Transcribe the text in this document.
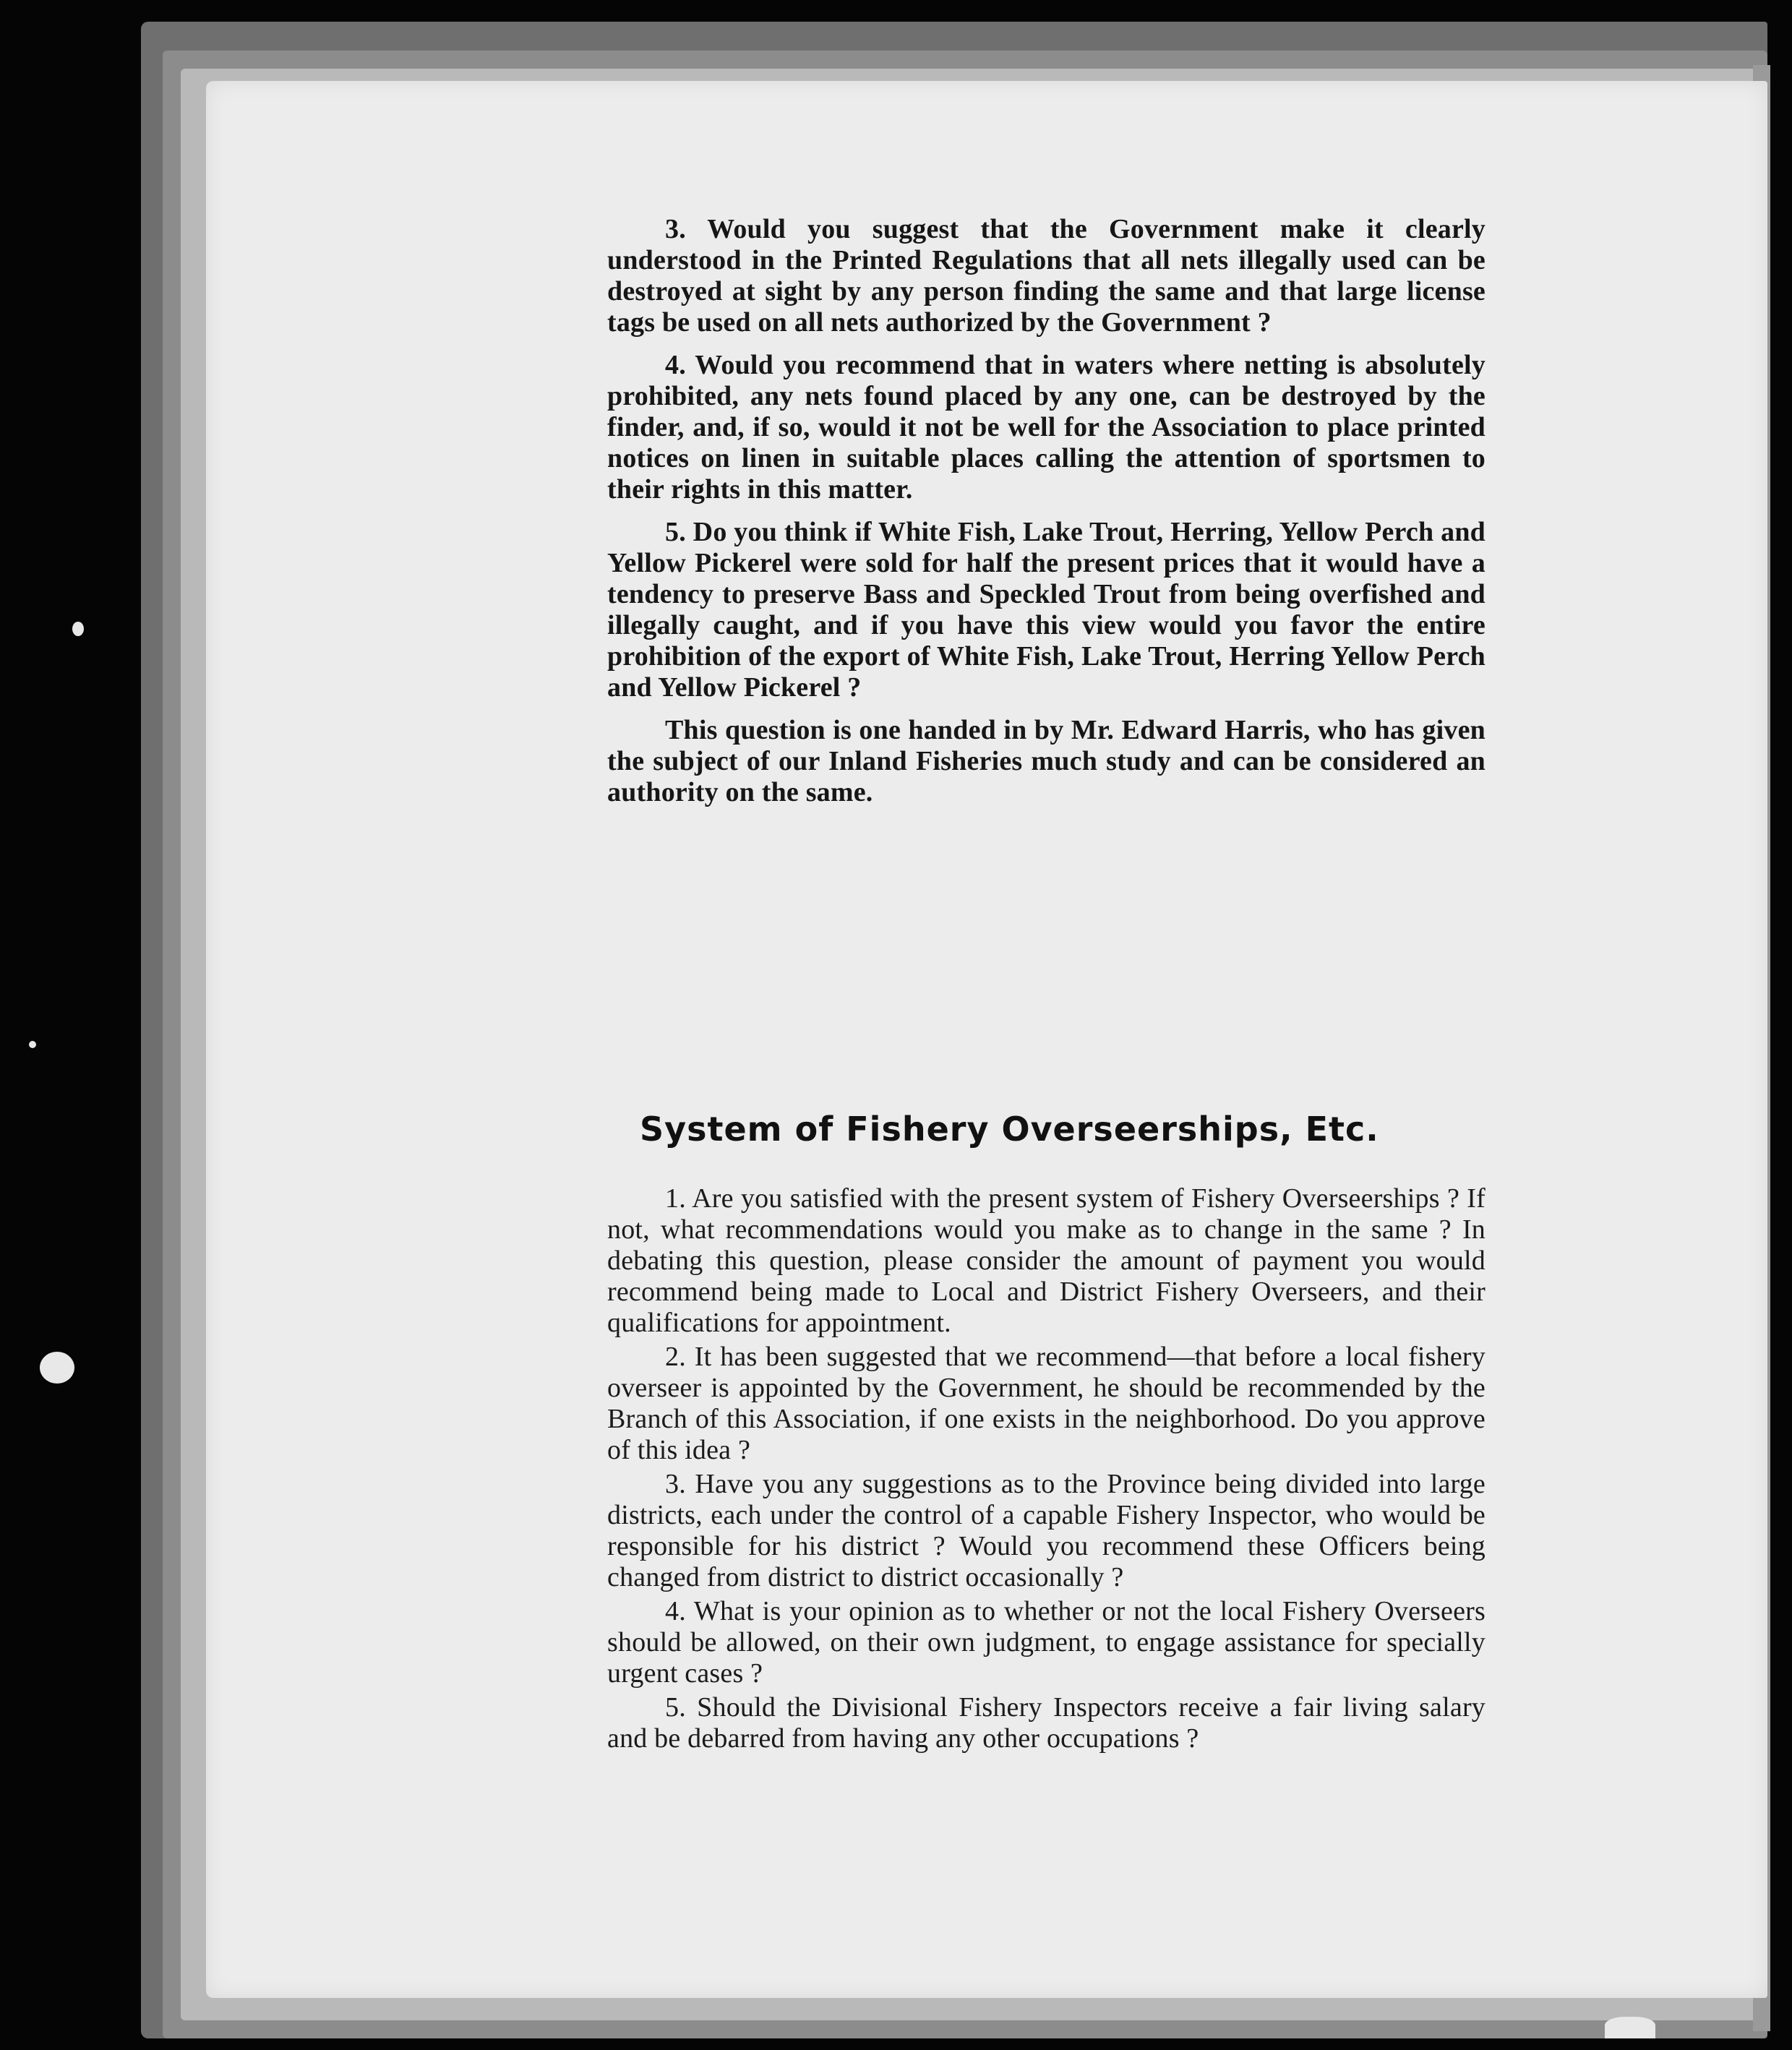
3. Would you suggest that the Government make it clearly understood in the Printed Regulations that all nets illegally used can be destroyed at sight by any person finding the same and that large license tags be used on all nets authorized by the Government ?

4. Would you recommend that in waters where netting is absolutely prohibited, any nets found placed by any one, can be destroyed by the finder, and, if so, would it not be well for the Association to place printed notices on linen in suitable places calling the attention of sportsmen to their rights in this matter.

5. Do you think if White Fish, Lake Trout, Herring, Yellow Perch and Yellow Pickerel were sold for half the present prices that it would have a tendency to preserve Bass and Speckled Trout from being overfished and illegally caught, and if you have this view would you favor the entire prohibition of the export of White Fish, Lake Trout, Herring Yellow Perch and Yellow Pickerel ?

This question is one handed in by Mr. Edward Harris, who has given the subject of our Inland Fisheries much study and can be considered an authority on the same.

System of Fishery Overseerships, Etc.

1. Are you satisfied with the present system of Fishery Overseerships ? If not, what recommendations would you make as to change in the same ? In debating this question, please consider the amount of payment you would recommend being made to Local and District Fishery Overseers, and their qualifications for appointment.

2. It has been suggested that we recommend—that before a local fishery overseer is appointed by the Government, he should be recommended by the Branch of this Association, if one exists in the neighborhood. Do you approve of this idea ?

3. Have you any suggestions as to the Province being divided into large districts, each under the control of a capable Fishery Inspector, who would be responsible for his district ? Would you recommend these Officers being changed from district to district occasionally ?

4. What is your opinion as to whether or not the local Fishery Overseers should be allowed, on their own judgment, to engage assistance for specially urgent cases ?

5. Should the Divisional Fishery Inspectors receive a fair living salary and be debarred from having any other occupations ?
